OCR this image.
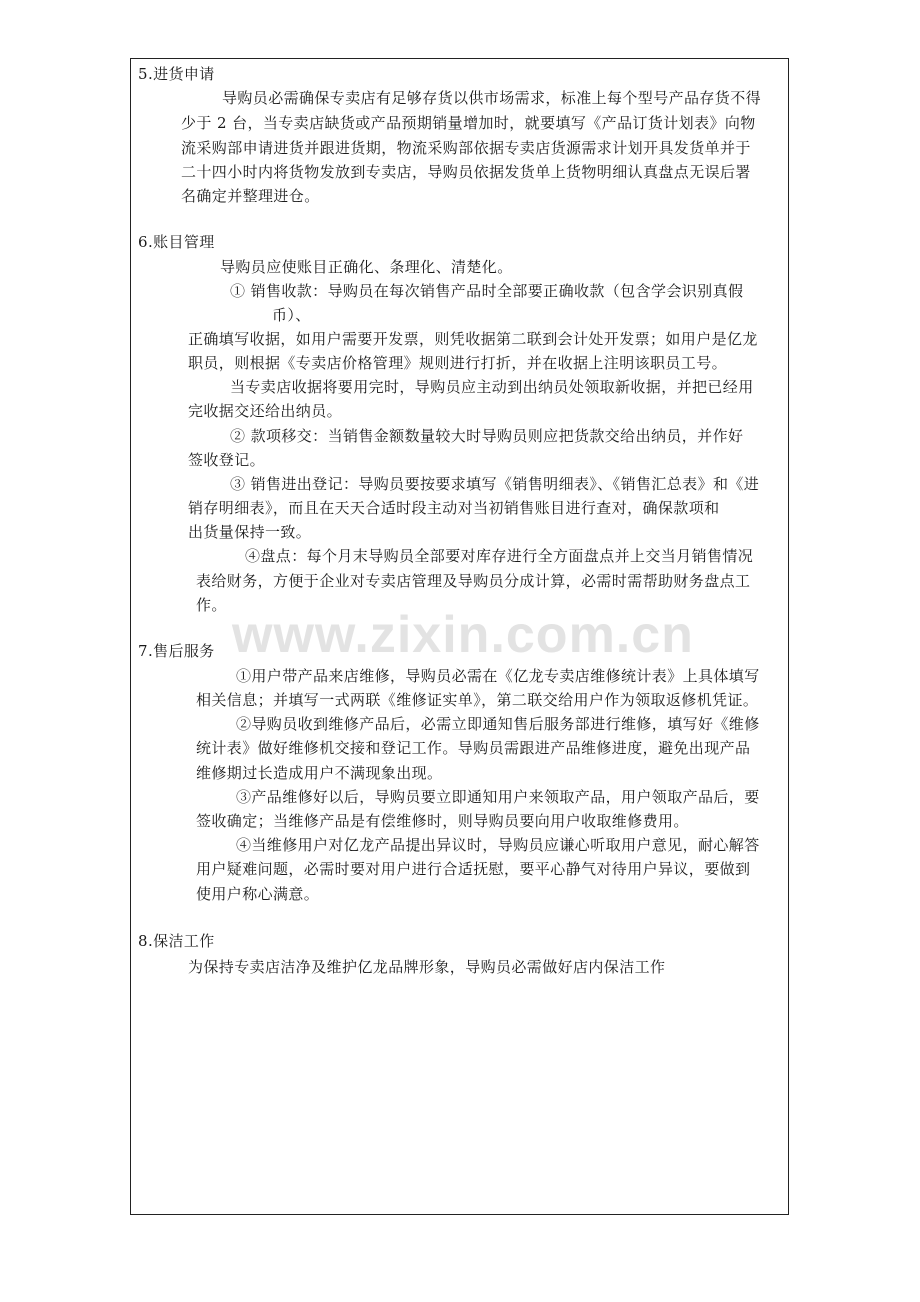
www.zixin.com.cn
5.进货申请
导购员必需确保专卖店有足够存货以供市场需求，标准上每个型号产品存货不得
少于 2 台，当专卖店缺货或产品预期销量增加时，就要填写《产品订货计划表》向物
流采购部申请进货并跟进货期，物流采购部依据专卖店货源需求计划开具发货单并于
二十四小时内将货物发放到专卖店，导购员依据发货单上货物明细认真盘点无误后署
名确定并整理进仓。
6.账目管理
导购员应使账目正确化、条理化、清楚化。
① 销售收款：导购员在每次销售产品时全部要正确收款（包含学会识别真假
币）、
正确填写收据，如用户需要开发票，则凭收据第二联到会计处开发票；如用户是亿龙
职员，则根据《专卖店价格管理》规则进行打折，并在收据上注明该职员工号。
当专卖店收据将要用完时，导购员应主动到出纳员处领取新收据，并把已经用
完收据交还给出纳员。
② 款项移交：当销售金额数量较大时导购员则应把货款交给出纳员，并作好
签收登记。
③ 销售进出登记：导购员要按要求填写《销售明细表》、《销售汇总表》和《进
销存明细表》，而且在天天合适时段主动对当初销售账目进行查对，确保款项和
出货量保持一致。
④盘点：每个月末导购员全部要对库存进行全方面盘点并上交当月销售情况
表给财务，方便于企业对专卖店管理及导购员分成计算，必需时需帮助财务盘点工
作。
7.售后服务
①用户带产品来店维修，导购员必需在《亿龙专卖店维修统计表》上具体填写
相关信息；并填写一式两联《维修证实单》，第二联交给用户作为领取返修机凭证。
②导购员收到维修产品后，必需立即通知售后服务部进行维修，填写好《维修
统计表》做好维修机交接和登记工作。导购员需跟进产品维修进度，避免出现产品
维修期过长造成用户不满现象出现。
③产品维修好以后，导购员要立即通知用户来领取产品，用户领取产品后，要
签收确定；当维修产品是有偿维修时，则导购员要向用户收取维修费用。
④当维修用户对亿龙产品提出异议时，导购员应谦心听取用户意见，耐心解答
用户疑难问题，必需时要对用户进行合适抚慰，要平心静气对待用户异议，要做到
使用户称心满意。
8.保洁工作
为保持专卖店洁净及维护亿龙品牌形象，导购员必需做好店内保洁工作
